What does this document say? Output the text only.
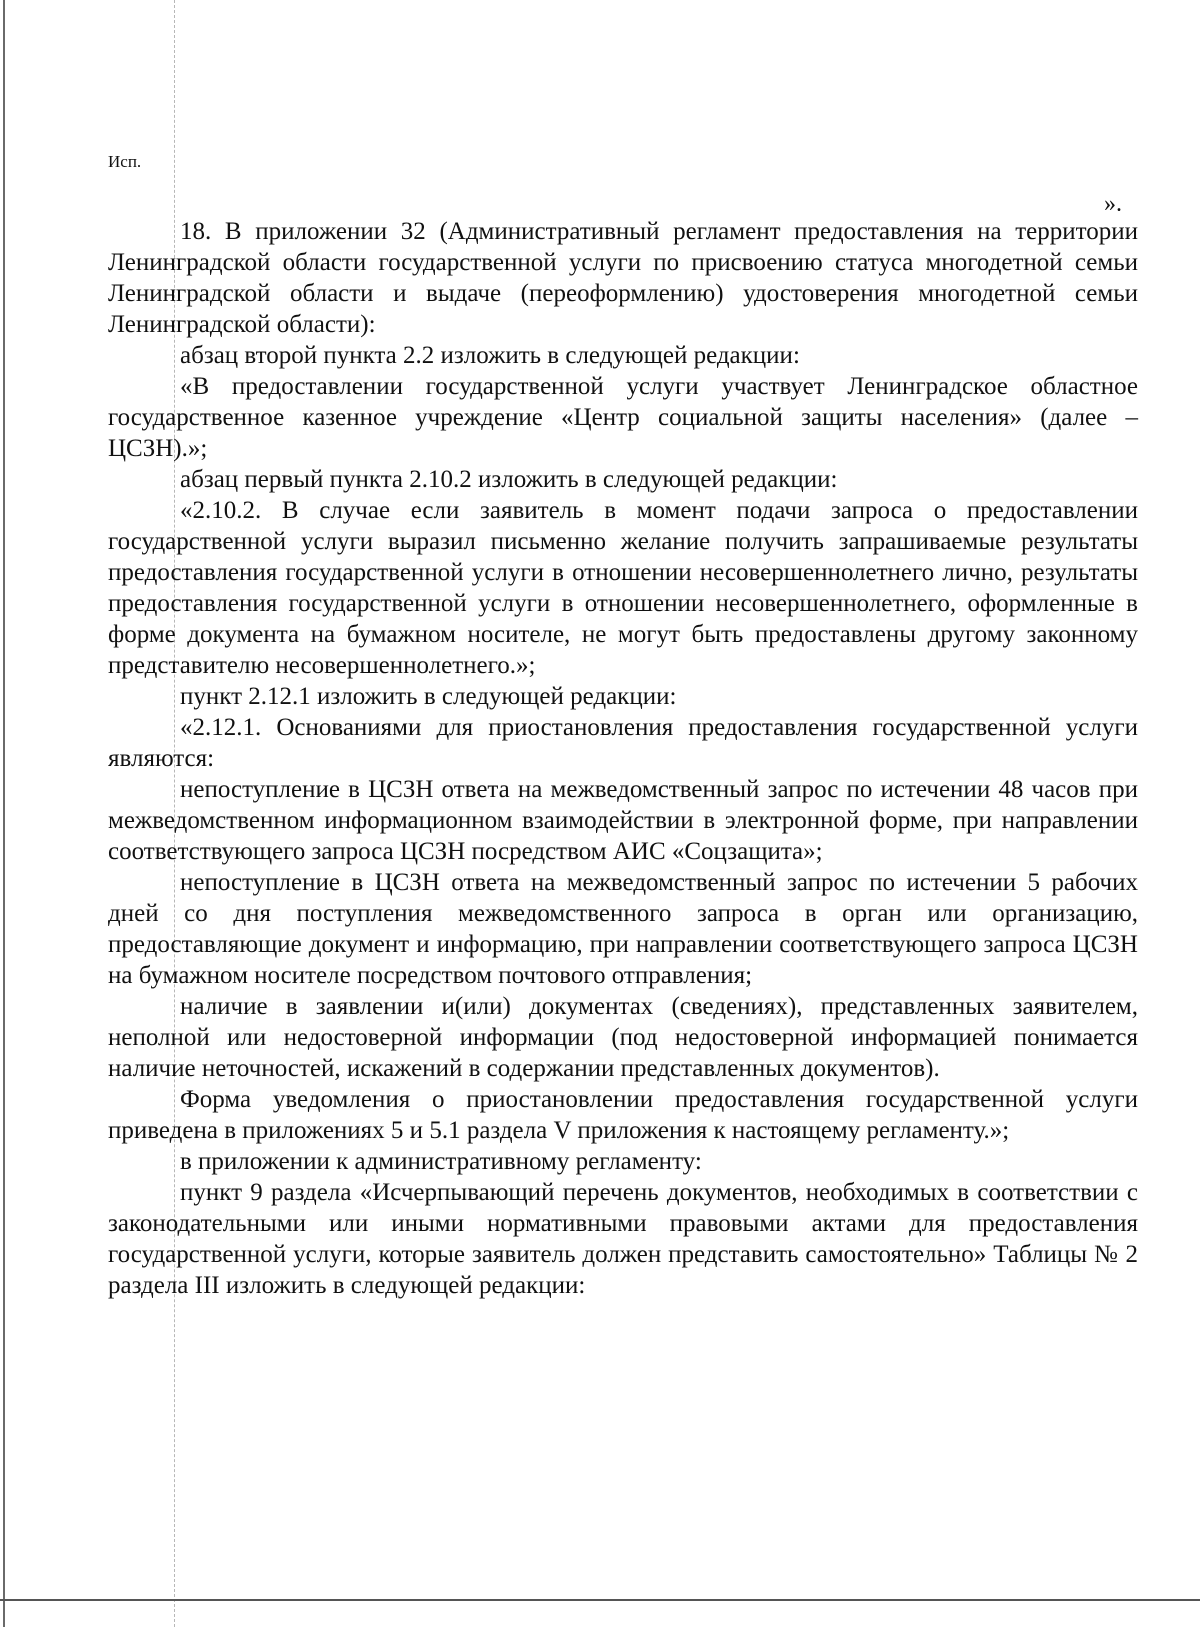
Исп.
».

18. В приложении 32 (Административный регламент предоставления на территории Ленинградской области государственной услуги по присвоению статуса многодетной семьи Ленинградской области и выдаче (переоформлению) удостоверения многодетной семьи Ленинградской области):

абзац второй пункта 2.2 изложить в следующей редакции:

«В предоставлении государственной услуги участвует Ленинградское областное государственное казенное учреждение «Центр социальной защиты населения» (далее – ЦСЗН).»;

абзац первый пункта 2.10.2 изложить в следующей редакции:

«2.10.2. В случае если заявитель в момент подачи запроса о предоставлении государственной услуги выразил письменно желание получить запрашиваемые результаты предоставления государственной услуги в отношении несовершеннолетнего лично, результаты предоставления государственной услуги в отношении несовершеннолетнего, оформленные в форме документа на бумажном носителе, не могут быть предоставлены другому законному представителю несовершеннолетнего.»;

пункт 2.12.1 изложить в следующей редакции:

«2.12.1. Основаниями для приостановления предоставления государственной услуги являются:

непоступление в ЦСЗН ответа на межведомственный запрос по истечении 48 часов при межведомственном информационном взаимодействии в электронной форме, при направлении соответствующего запроса ЦСЗН посредством АИС «Соцзащита»;

непоступление в ЦСЗН ответа на межведомственный запрос по истечении 5 рабочих дней со дня поступления межведомственного запроса в орган или организацию, предоставляющие документ и информацию, при направлении соответствующего запроса ЦСЗН на бумажном носителе посредством почтового отправления;

наличие в заявлении и(или) документах (сведениях), представленных заявителем, неполной или недостоверной информации (под недостоверной информацией понимается наличие неточностей, искажений в содержании представленных документов).

Форма уведомления о приостановлении предоставления государственной услуги приведена в приложениях 5 и 5.1 раздела V приложения к настоящему регламенту.»;

в приложении к административному регламенту:

пункт 9 раздела «Исчерпывающий перечень документов, необходимых в соответствии с законодательными или иными нормативными правовыми актами для предоставления государственной услуги, которые заявитель должен представить самостоятельно» Таблицы № 2 раздела III изложить в следующей редакции:
